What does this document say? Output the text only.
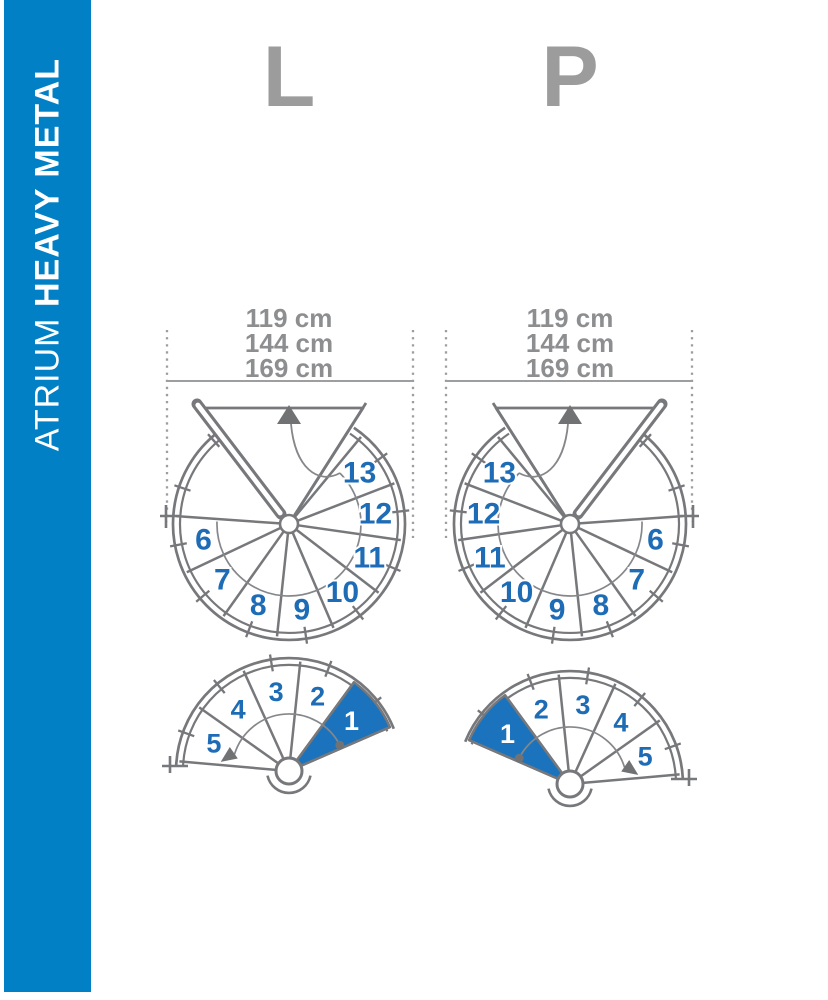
ATRIUM HEAVY METAL	L
119 cm
144 cm
169 cm
6
7
8 9
10
11
12
13
5
4
3 2
1
P
119 cm
144 cm
169 cm
6
7
8
9
10
11
12
13
5
4
3
2
1
